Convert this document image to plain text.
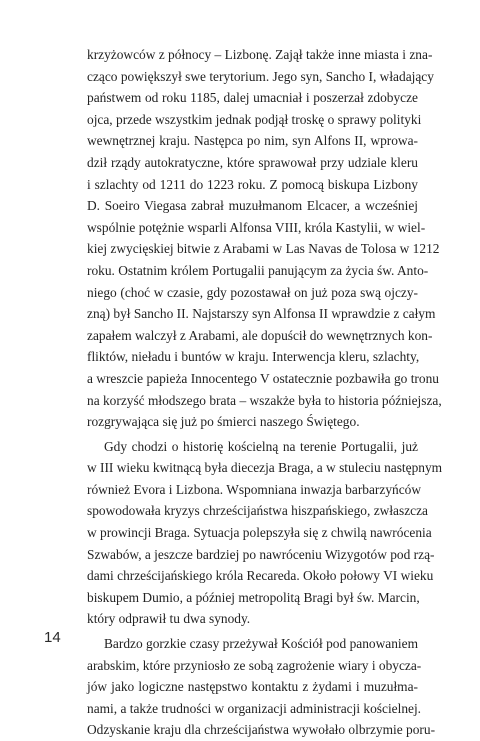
krzyżowców z północy – Lizbonę. Zajął także inne miasta i zna-
cząco powiększył swe terytorium. Jego syn, Sancho I, władający
państwem od roku 1185, dalej umacniał i poszerzał zdobycze
ojca, przede wszystkim jednak podjął troskę o sprawy polityki
wewnętrznej kraju. Następca po nim, syn Alfons II, wprowa-
dził rządy autokratyczne, które sprawował przy udziale kleru
i szlachty od 1211 do 1223 roku. Z pomocą biskupa Lizbony
D. Soeiro Viegasa zabrał muzułmanom Elcacer, a wcześniej
wspólnie potężnie wsparli Alfonsa VIII, króla Kastylii, w wiel-
kiej zwycięskiej bitwie z Arabami w Las Navas de Tolosa w 1212
roku. Ostatnim królem Portugalii panującym za życia św. Anto-
niego (choć w czasie, gdy pozostawał on już poza swą ojczy-
zną) był Sancho II. Najstarszy syn Alfonsa II wprawdzie z całym
zapałem walczył z Arabami, ale dopuścił do wewnętrznych kon-
fliktów, nieładu i buntów w kraju. Interwencja kleru, szlachty,
a wreszcie papieża Innocentego V ostatecznie pozbawiła go tronu
na korzyść młodszego brata – wszakże była to historia późniejsza,
rozgrywająca się już po śmierci naszego Świętego.
Gdy chodzi o historię kościelną na terenie Portugalii, już
w III wieku kwitnącą była diecezja Braga, a w stuleciu następnym
również Evora i Lizbona. Wspomniana inwazja barbarzyńców
spowodowała kryzys chrześcijaństwa hiszpańskiego, zwłaszcza
w prowincji Braga. Sytuacja polepszyła się z chwilą nawrócenia
Szwabów, a jeszcze bardziej po nawróceniu Wizygotów pod rzą-
dami chrześcijańskiego króla Recareda. Około połowy VI wieku
biskupem Dumio, a później metropolitą Bragi był św. Marcin,
który odprawił tu dwa synody.
Bardzo gorzkie czasy przeżywał Kościół pod panowaniem
arabskim, które przyniosło ze sobą zagrożenie wiary i obycza-
jów jako logiczne następstwo kontaktu z żydami i muzułma-
nami, a także trudności w organizacji administracji kościelnej.
Odzyskanie kraju dla chrześcijaństwa wywołało olbrzymie poru-
14
